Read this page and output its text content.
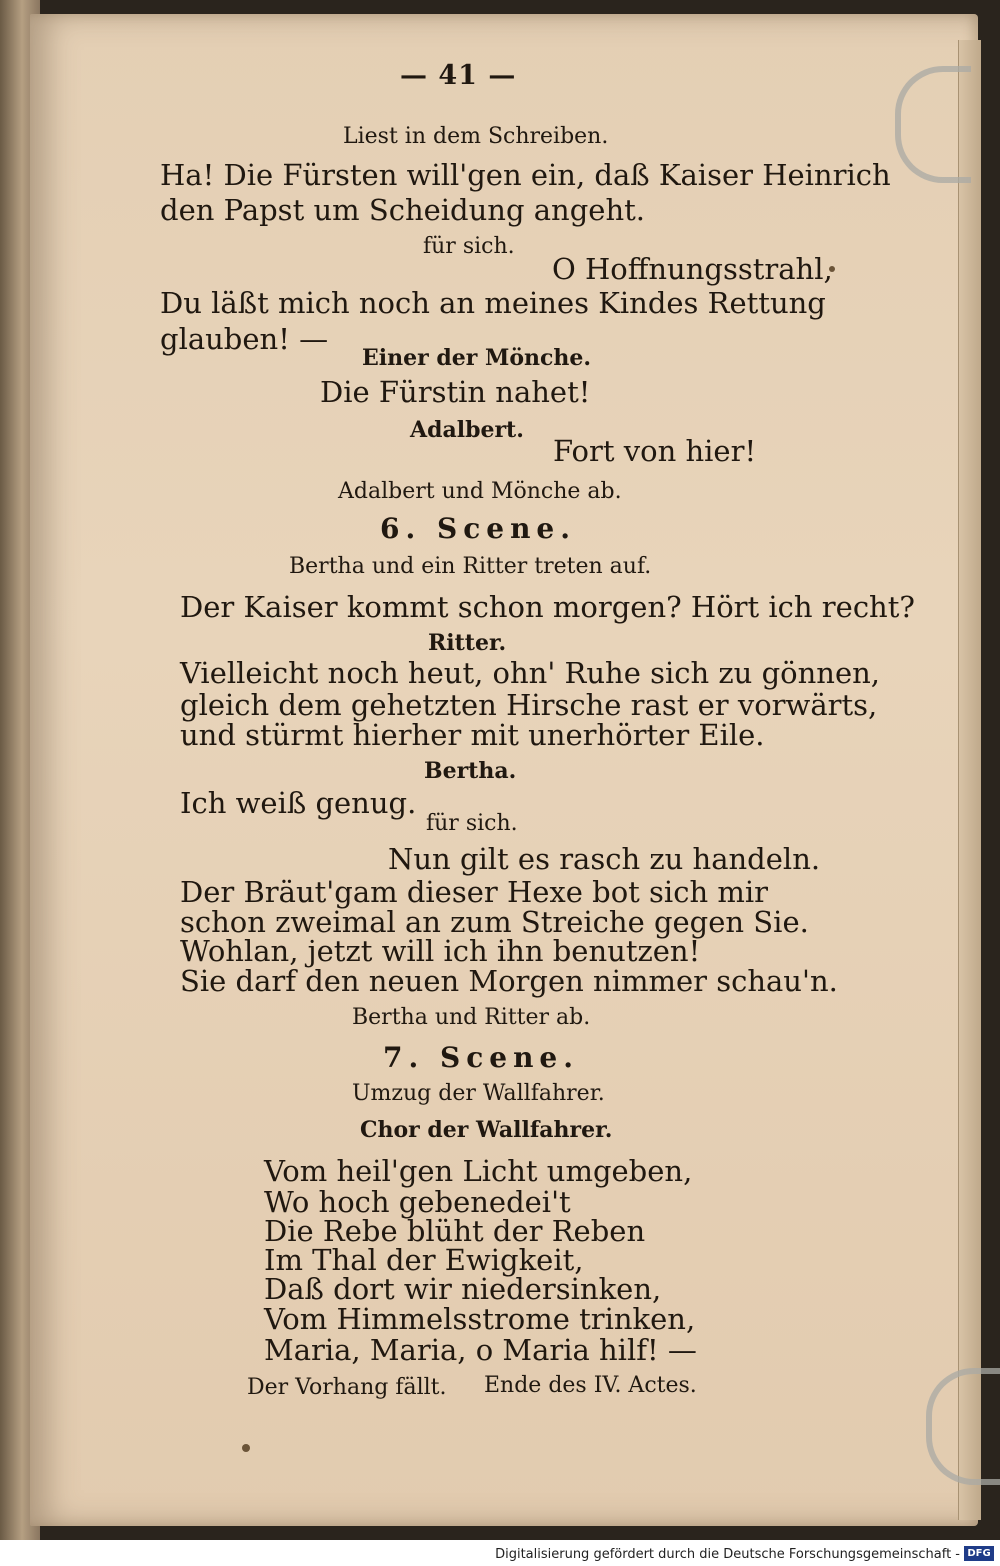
— 41 —
Liest in dem Schreiben.
Ha! Die Fürsten will'gen ein, daß Kaiser Heinrich
den Papst um Scheidung angeht.
für sich.
O Hoffnungsstrahl,
Du läßt mich noch an meines Kindes Rettung
glauben! —
Einer der Mönche.
Die Fürstin nahet!
Adalbert.
Fort von hier!
Adalbert und Mönche ab.
6. Scene.
Bertha und ein Ritter treten auf.
Der Kaiser kommt schon morgen? Hört ich recht?
Ritter.
Vielleicht noch heut, ohn' Ruhe sich zu gönnen,
gleich dem gehetzten Hirsche rast er vorwärts,
und stürmt hierher mit unerhörter Eile.
Bertha.
Ich weiß genug.
für sich.
Nun gilt es rasch zu handeln.
Der Bräut'gam dieser Hexe bot sich mir
schon zweimal an zum Streiche gegen Sie.
Wohlan, jetzt will ich ihn benutzen!
Sie darf den neuen Morgen nimmer schau'n.
Bertha und Ritter ab.
7. Scene.
Umzug der Wallfahrer.
Chor der Wallfahrer.
Vom heil'gen Licht umgeben,
Wo hoch gebenedei't
Die Rebe blüht der Reben
Im Thal der Ewigkeit,
Daß dort wir niedersinken,
Vom Himmelsstrome trinken,
Maria, Maria, o Maria hilf! —
Der Vorhang fällt. Ende des IV. Actes.
Digitalisierung gefördert durch die Deutsche Forschungsgemeinschaft - DFG
